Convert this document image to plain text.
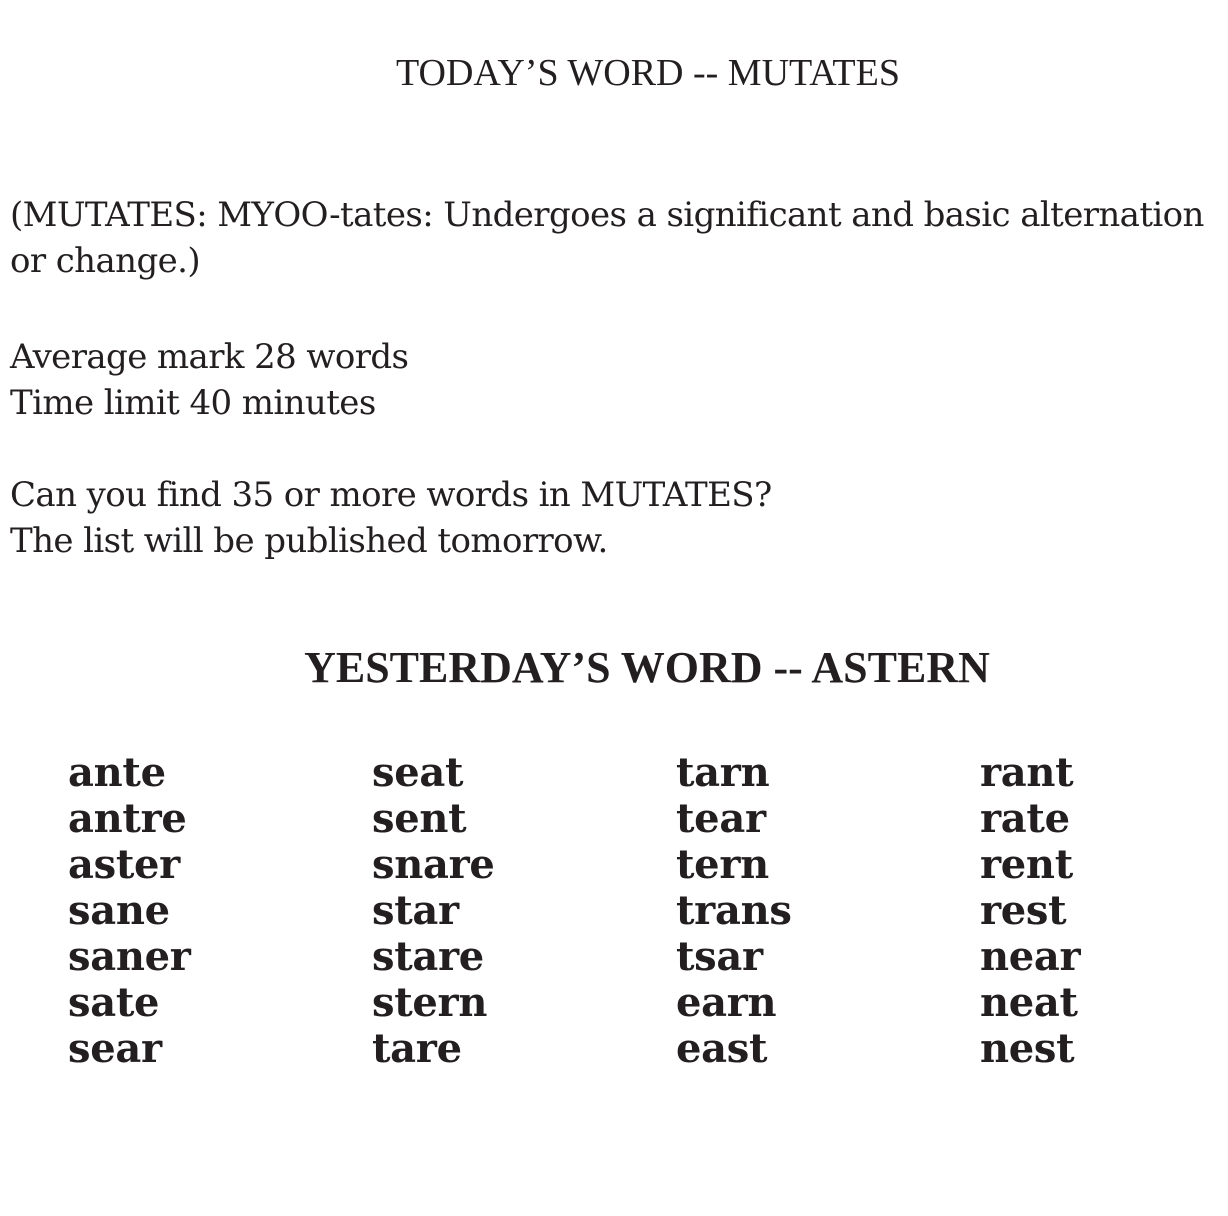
TODAY’S WORD -- MUTATES
(MUTATES: MYOO-tates: Undergoes a significant and basic alternation
or change.)
Average mark 28 words
Time limit 40 minutes
Can you find 35 or more words in MUTATES?
The list will be published tomorrow.
YESTERDAY’S WORD -- ASTERN
ante
antre
aster
sane
saner
sate
sear
seat
sent
snare
star
stare
stern
tare
tarn
tear
tern
trans
tsar
earn
east
rant
rate
rent
rest
near
neat
nest
